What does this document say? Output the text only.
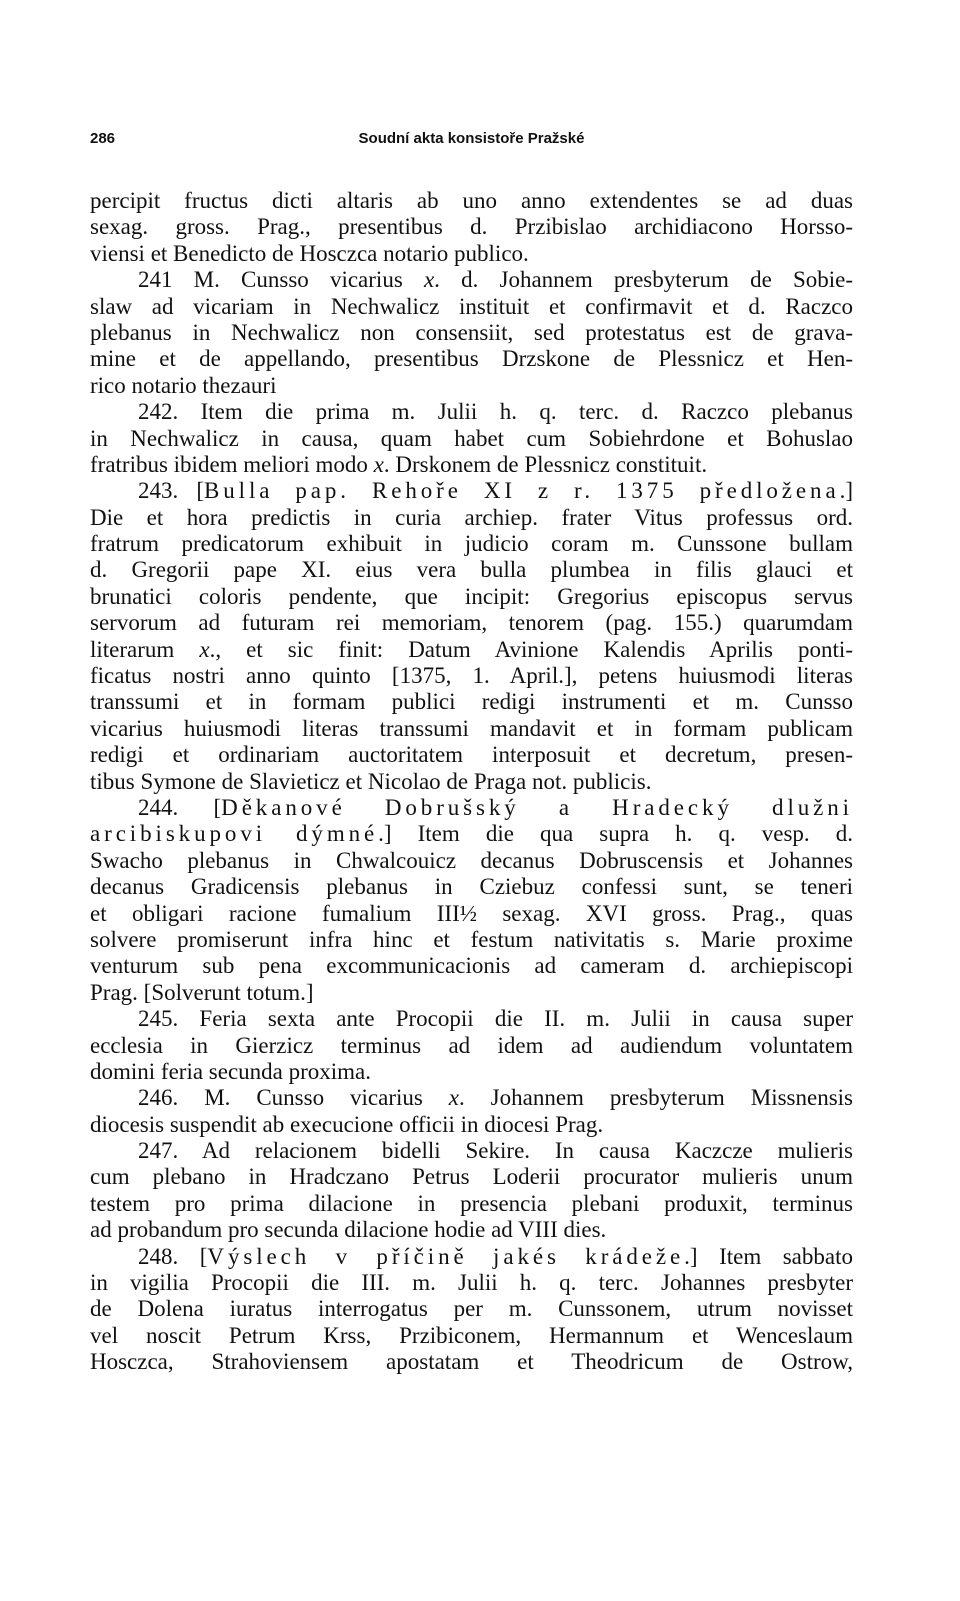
286	Soudní akta konsistoře Pražské
percipit fructus dicti altaris ab uno anno extendentes se ad duas
sexag. gross. Prag., presentibus d. Przibislao archidiacono Horsso-
viensi et Benedicto de Hosczca notario publico.
241 M. Cunsso vicarius x. d. Johannem presbyterum de Sobie-
slaw ad vicariam in Nechwalicz instituit et confirmavit et d. Raczco
plebanus in Nechwalicz non consensiit, sed protestatus est de grava-
mine et de appellando, presentibus Drzskone de Plessnicz et Hen-
rico notario thezauri
242. Item die prima m. Julii h. q. terc. d. Raczco plebanus
in Nechwalicz in causa, quam habet cum Sobiehrdone et Bohuslao
fratribus ibidem meliori modo x. Drskonem de Plessnicz constituit.
243. [Bulla pap. Rehoře XI z r. 1375 předložena.]
Die et hora predictis in curia archiep. frater Vitus professus ord.
fratrum predicatorum exhibuit in judicio coram m. Cunssone bullam
d. Gregorii pape XI. eius vera bulla plumbea in filis glauci et
brunatici coloris pendente, que incipit: Gregorius episcopus servus
servorum ad futuram rei memoriam, tenorem (pag. 155.) quarumdam
literarum x., et sic finit: Datum Avinione Kalendis Aprilis ponti-
ficatus nostri anno quinto [1375, 1. April.], petens huiusmodi literas
transsumi et in formam publici redigi instrumenti et m. Cunsso
vicarius huiusmodi literas transsumi mandavit et in formam publicam
redigi et ordinariam auctoritatem interposuit et decretum, presen-
tibus Symone de Slavieticz et Nicolao de Praga not. publicis.
244. [Děkanové Dobrušský a Hradecký dlužni
arcibiskupovi dýmné.] Item die qua supra h. q. vesp. d.
Swacho plebanus in Chwalcouicz decanus Dobruscensis et Johannes
decanus Gradicensis plebanus in Cziebuz confessi sunt, se teneri
et obligari racione fumalium III½ sexag. XVI gross. Prag., quas
solvere promiserunt infra hinc et festum nativitatis s. Marie proxime
venturum sub pena excommunicacionis ad cameram d. archiepiscopi
Prag. [Solverunt totum.]
245. Feria sexta ante Procopii die II. m. Julii in causa super
ecclesia in Gierzicz terminus ad idem ad audiendum voluntatem
domini feria secunda proxima.
246. M. Cunsso vicarius x. Johannem presbyterum Missnensis
diocesis suspendit ab execucione officii in diocesi Prag.
247. Ad relacionem bidelli Sekire. In causa Kaczcze mulieris
cum plebano in Hradczano Petrus Loderii procurator mulieris unum
testem pro prima dilacione in presencia plebani produxit, terminus
ad probandum pro secunda dilacione hodie ad VIII dies.
248. [Výslech v příčině jakés krádeže.] Item sabbato
in vigilia Procopii die III. m. Julii h. q. terc. Johannes presbyter
de Dolena iuratus interrogatus per m. Cunssonem, utrum novisset
vel noscit Petrum Krss, Przibiconem, Hermannum et Wenceslaum
Hosczca, Strahoviensem apostatam et Theodricum de Ostrow,
